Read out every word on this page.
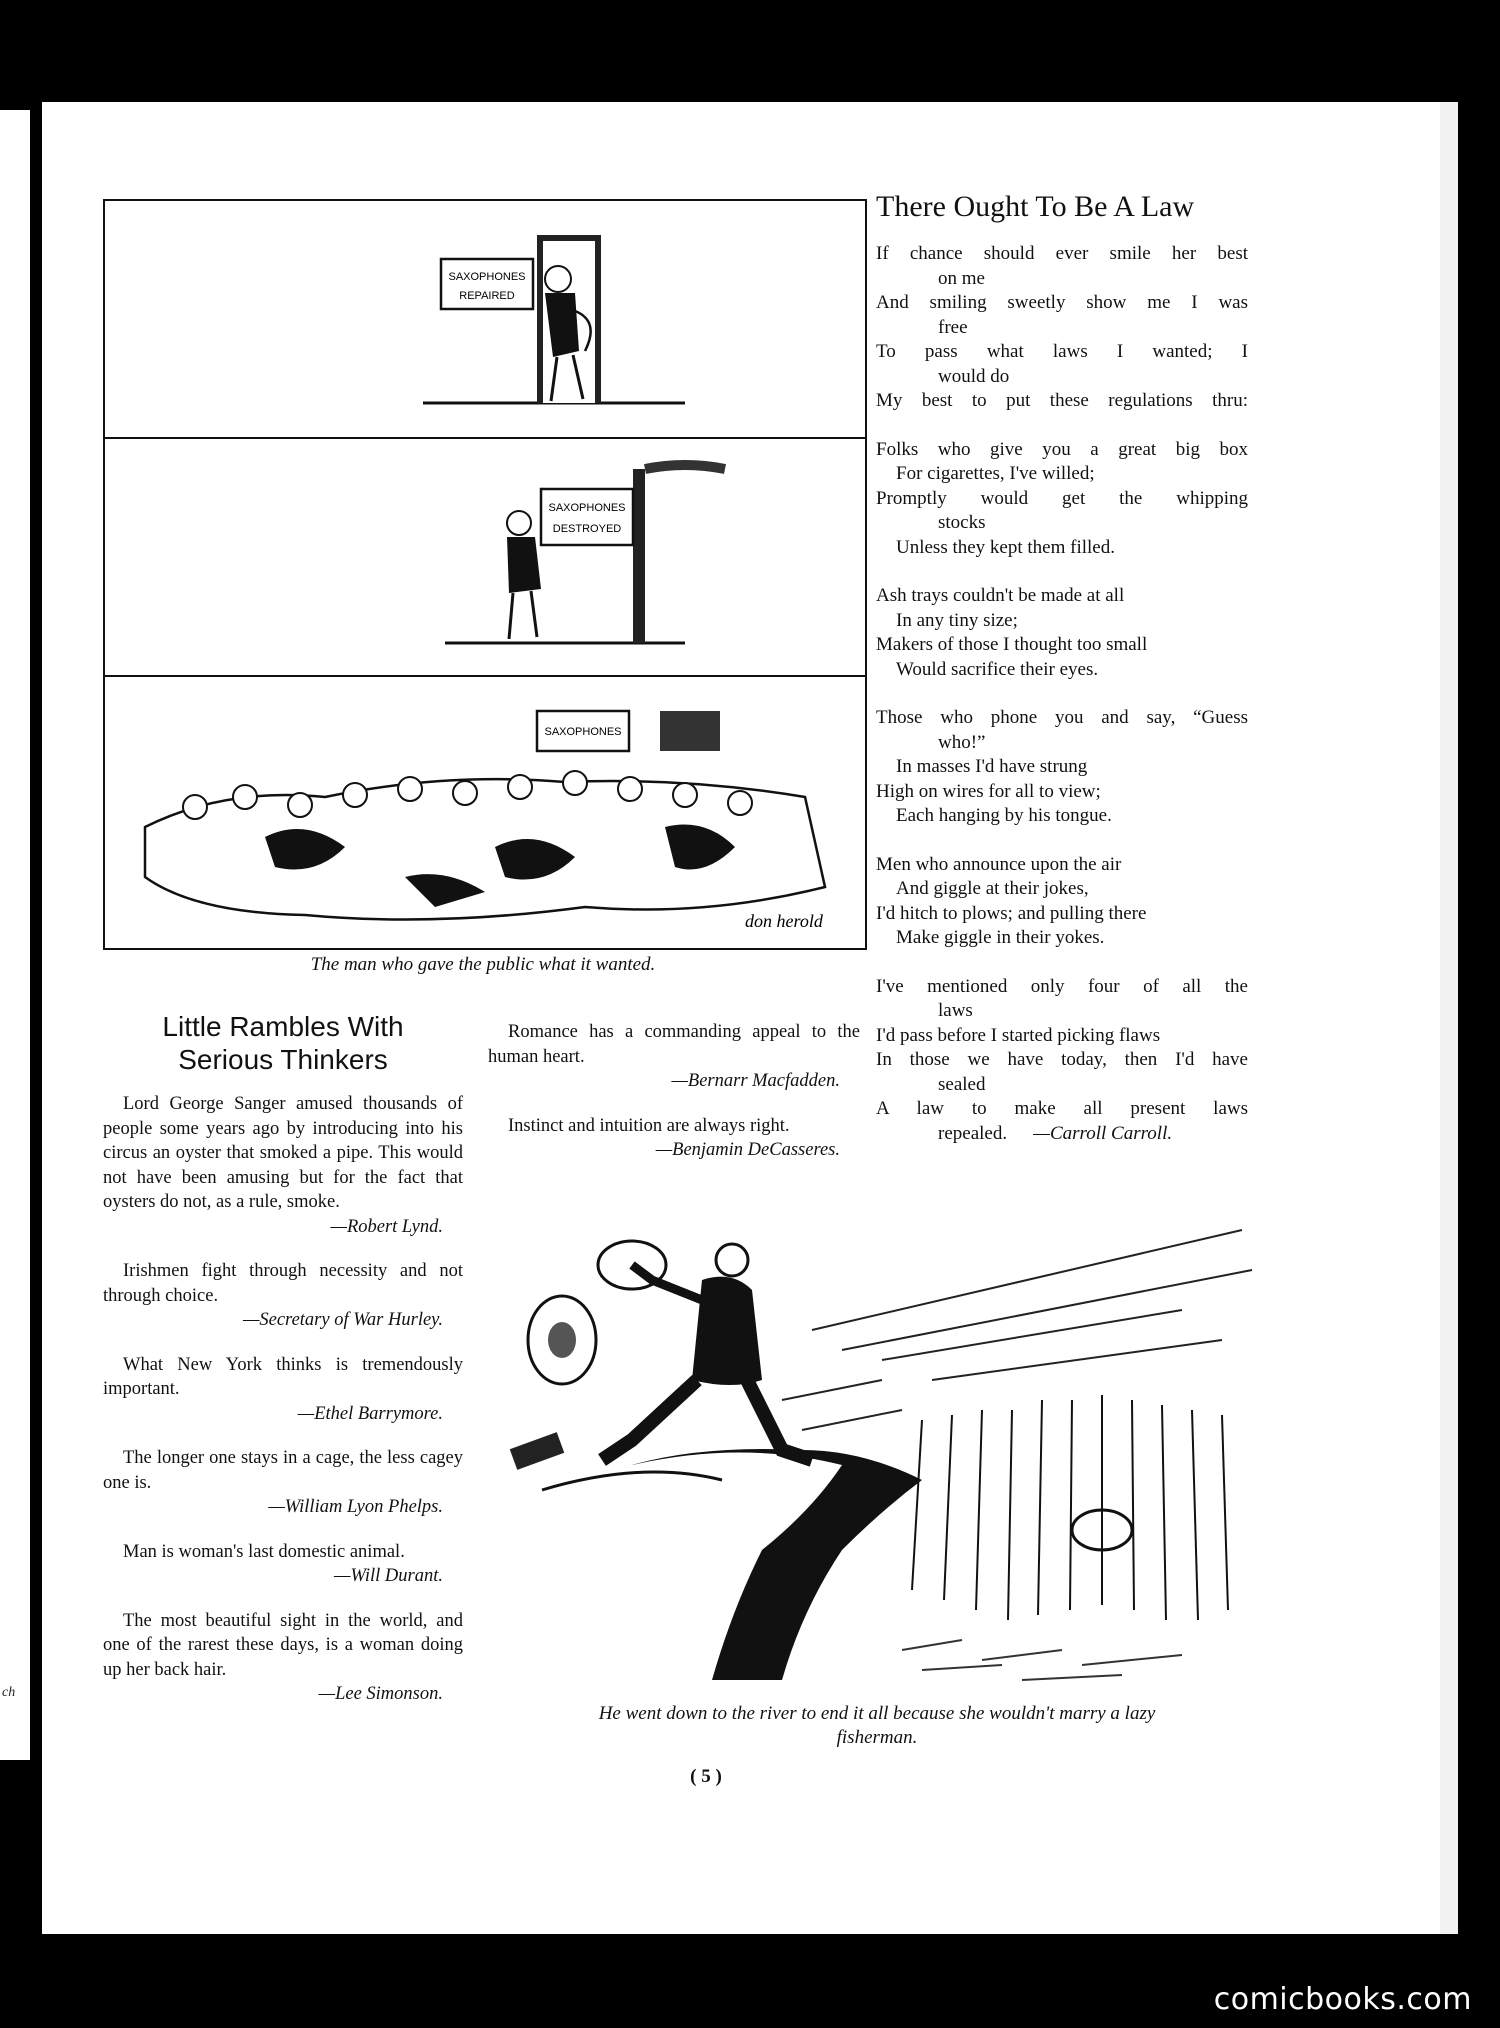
ch
SAXOPHONES
REPAIRED
SAXOPHONES
DESTROYED
SAXOPHONES
don herold
The man who gave the public what it wanted.
There Ought To Be A Law
If chance should ever smile her best
on me
And smiling sweetly show me I was
free
To pass what laws I wanted; I
would do
My best to put these regulations thru:
Folks who give you a great big box
For cigarettes, I've willed;
Promptly would get the whipping
stocks
Unless they kept them filled.
Ash trays couldn't be made at all
In any tiny size;
Makers of those I thought too small
Would sacrifice their eyes.
Those who phone you and say, “Guess
who!”
In masses I'd have strung
High on wires for all to view;
Each hanging by his tongue.
Men who announce upon the air
And giggle at their jokes,
I'd hitch to plows; and pulling there
Make giggle in their yokes.
I've mentioned only four of all the
laws
I'd pass before I started picking flaws
In those we have today, then I'd have
sealed
A law to make all present laws
repealed. —Carroll Carroll.
Little Rambles With
Serious Thinkers
Lord George Sanger amused thousands of people some years ago by introducing into his circus an oyster that smoked a pipe. This would not have been amusing but for the fact that oysters do not, as a rule, smoke.
—Robert Lynd.
Irishmen fight through necessity and not through choice.
—Secretary of War Hurley.
What New York thinks is tremendously important.
—Ethel Barrymore.
The longer one stays in a cage, the less cagey one is.
—William Lyon Phelps.
Man is woman's last domestic animal.
—Will Durant.
The most beautiful sight in the world, and one of the rarest these days, is a woman doing up her back hair.
—Lee Simonson.
Romance has a commanding appeal to the human heart.
—Bernarr Macfadden.
Instinct and intuition are always right.
—Benjamin DeCasseres.
He went down to the river to end it all because she wouldn't marry a lazy fisherman.
( 5 )
comicbooks.com
